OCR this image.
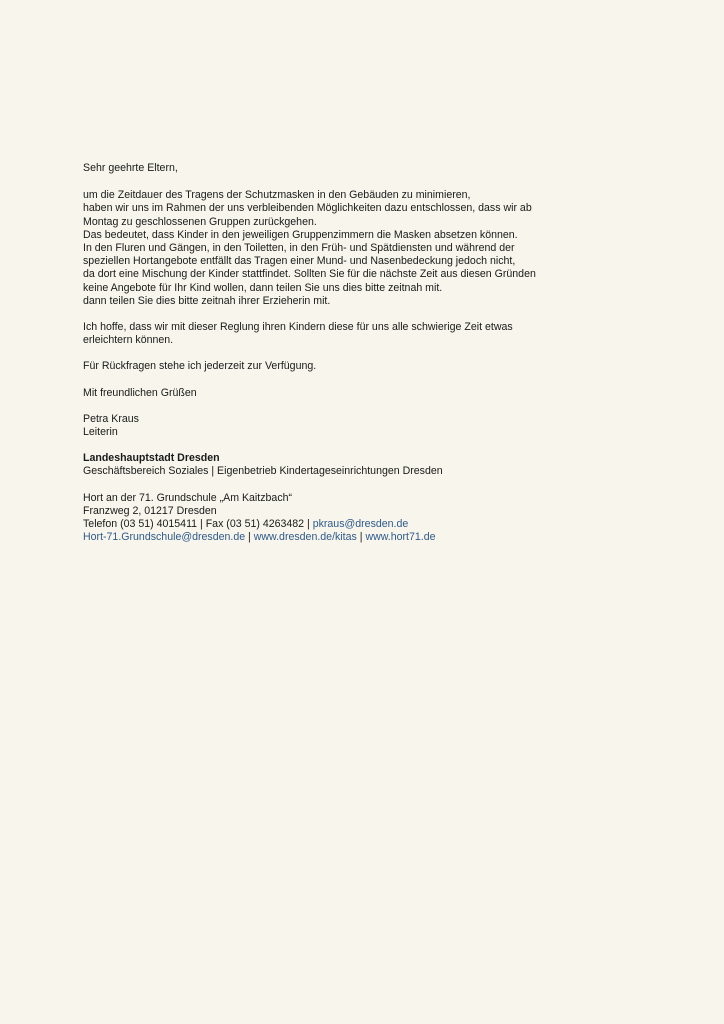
Sehr geehrte Eltern,

um die Zeitdauer des Tragens der Schutzmasken in den Gebäuden zu minimieren,
haben wir uns im Rahmen der uns verbleibenden Möglichkeiten dazu entschlossen, dass wir ab
Montag zu geschlossenen Gruppen zurückgehen.
Das bedeutet, dass Kinder in den jeweiligen Gruppenzimmern die Masken absetzen können.
In den Fluren und Gängen, in den Toiletten, in den Früh- und Spätdiensten und während der
speziellen Hortangebote entfällt das Tragen einer Mund- und Nasenbedeckung jedoch nicht,
da dort eine Mischung der Kinder stattfindet. Sollten Sie für die nächste Zeit aus diesen Gründen
keine Angebote für Ihr Kind wollen, dann teilen Sie uns dies bitte zeitnah mit.
dann teilen Sie dies bitte zeitnah ihrer Erzieherin mit.

Ich hoffe, dass wir mit dieser Reglung ihren Kindern diese für uns alle schwierige Zeit etwas
erleichtern können.

Für Rückfragen stehe ich jederzeit zur Verfügung.

Mit freundlichen Grüßen

Petra Kraus
Leiterin

Landeshauptstadt Dresden
Geschäftsbereich Soziales | Eigenbetrieb Kindertageseinrichtungen Dresden

Hort an der 71. Grundschule „Am Kaitzbach“
Franzweg 2, 01217 Dresden
Telefon (03 51) 4015411 | Fax (03 51) 4263482 | pkraus@dresden.de
Hort-71.Grundschule@dresden.de | www.dresden.de/kitas | www.hort71.de
